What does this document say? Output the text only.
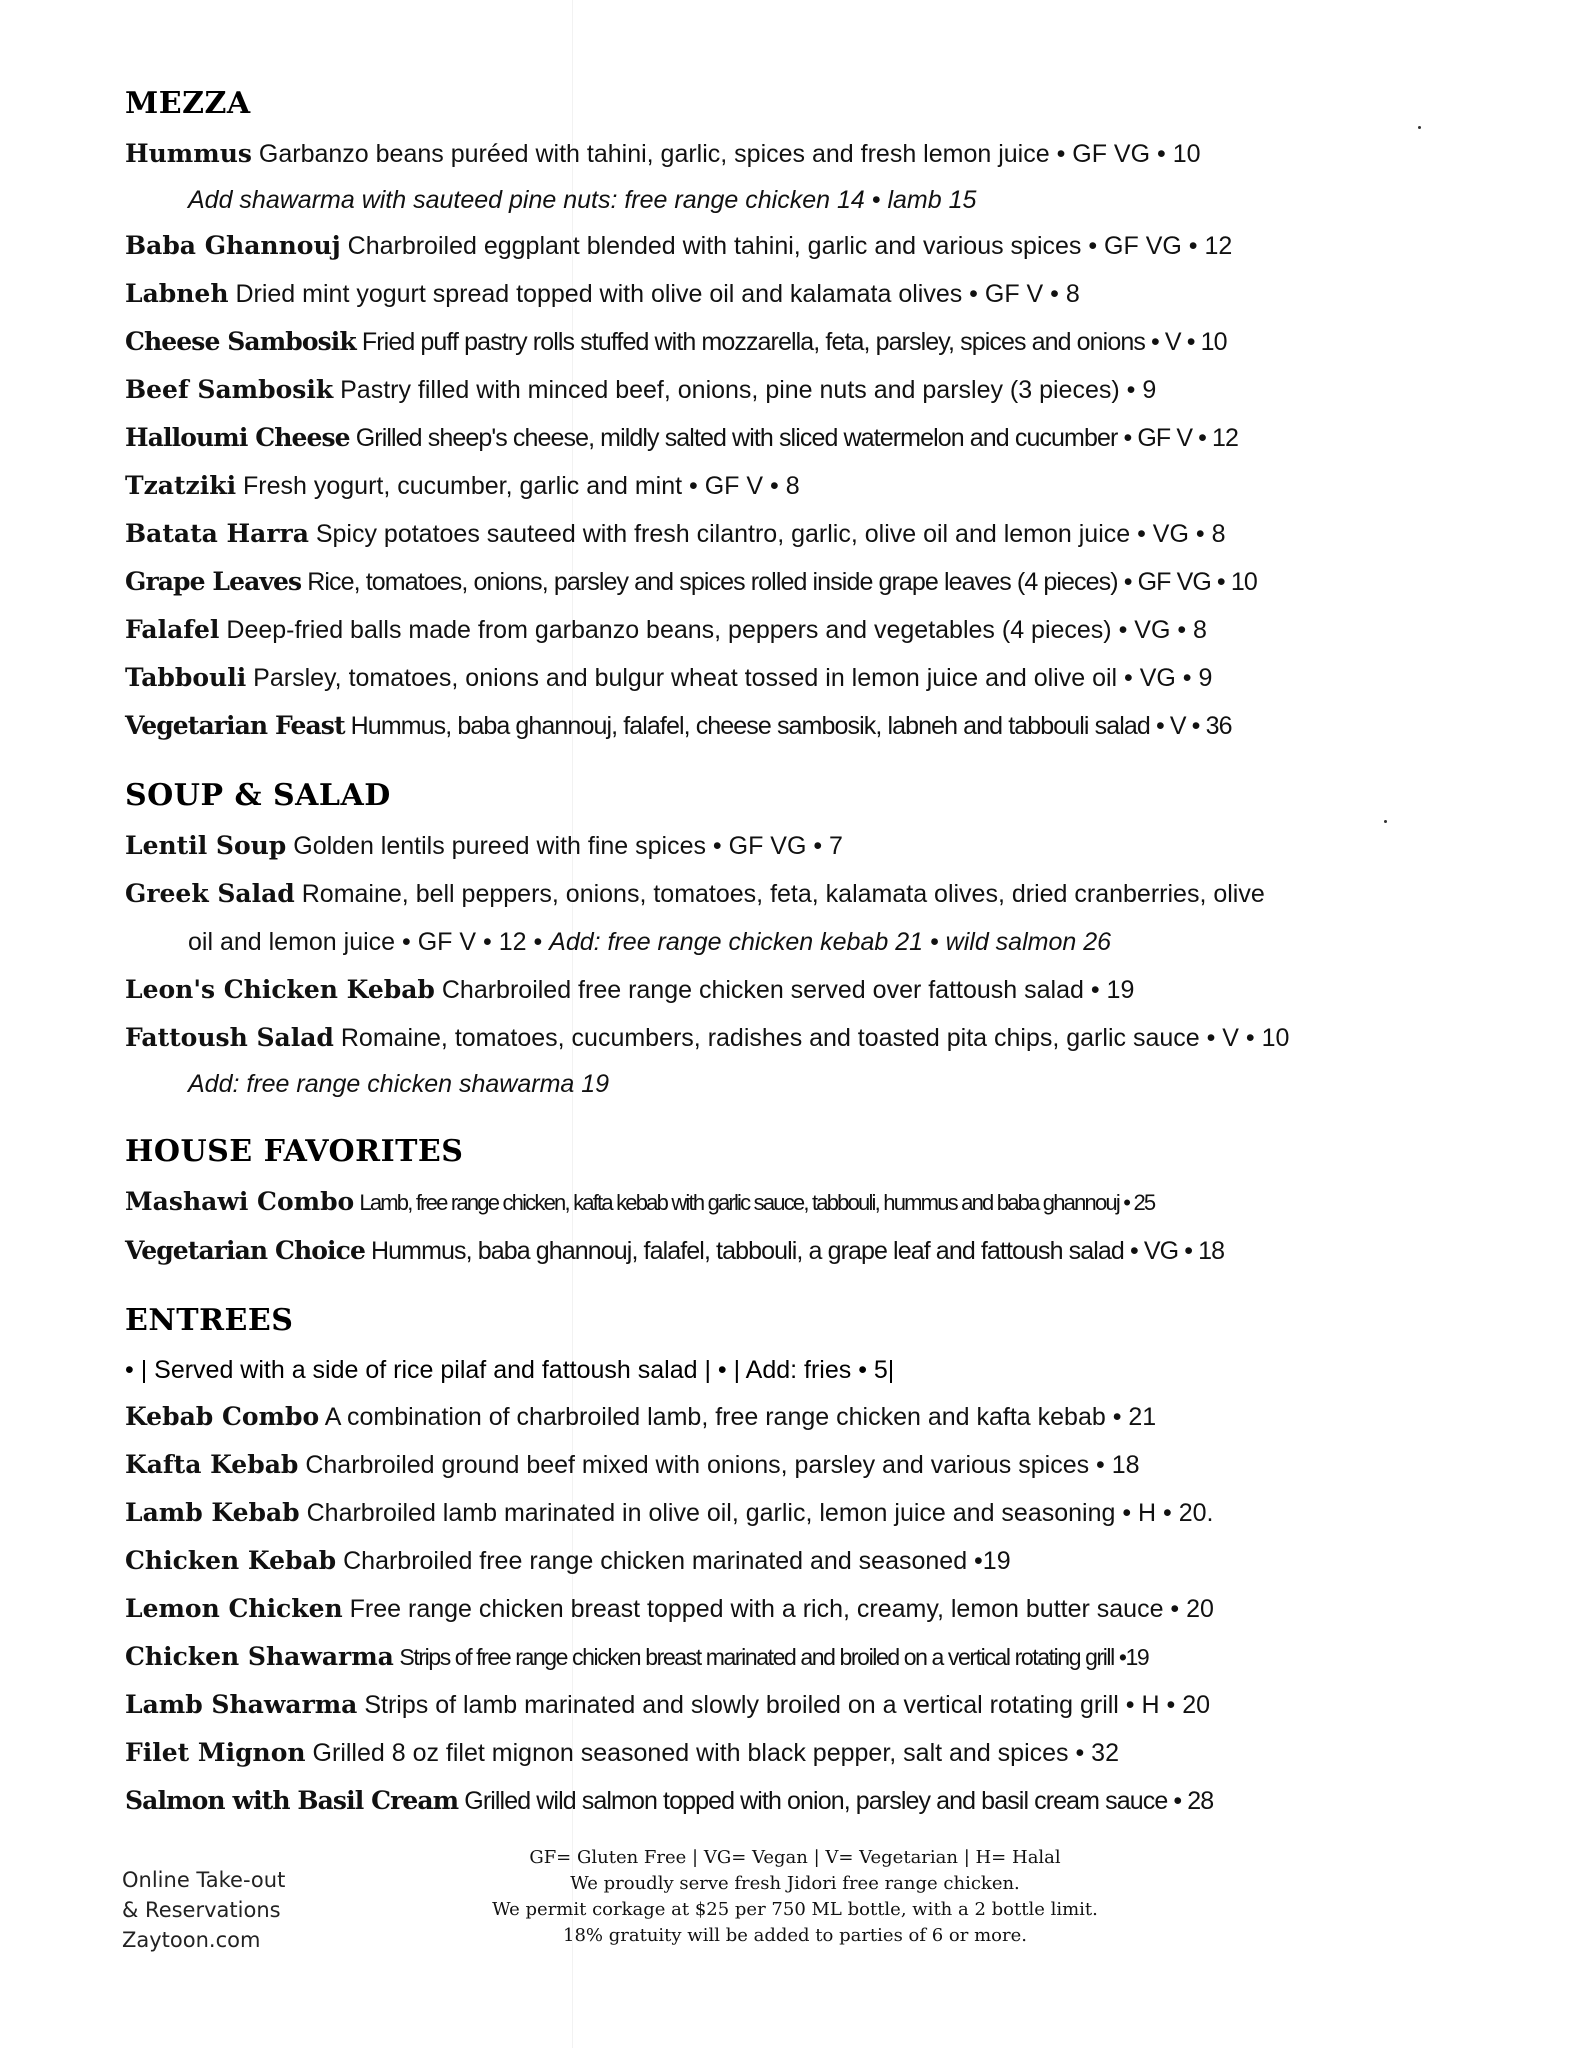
MEZZA
Hummus Garbanzo beans puréed with tahini, garlic, spices and fresh lemon juice • GF VG • 10
Add shawarma with sauteed pine nuts: free range chicken 14 • lamb 15
Baba Ghannouj Charbroiled eggplant blended with tahini, garlic and various spices • GF VG • 12
Labneh Dried mint yogurt spread topped with olive oil and kalamata olives • GF V • 8
Cheese Sambosik Fried puff pastry rolls stuffed with mozzarella, feta, parsley, spices and onions • V • 10
Beef Sambosik Pastry filled with minced beef, onions, pine nuts and parsley (3 pieces) • 9
Halloumi Cheese Grilled sheep's cheese, mildly salted with sliced watermelon and cucumber • GF V • 12
Tzatziki Fresh yogurt, cucumber, garlic and mint • GF V • 8
Batata Harra Spicy potatoes sauteed with fresh cilantro, garlic, olive oil and lemon juice • VG • 8
Grape Leaves Rice, tomatoes, onions, parsley and spices rolled inside grape leaves (4 pieces) • GF VG • 10
Falafel Deep-fried balls made from garbanzo beans, peppers and vegetables (4 pieces) • VG • 8
Tabbouli Parsley, tomatoes, onions and bulgur wheat tossed in lemon juice and olive oil • VG • 9
Vegetarian Feast Hummus, baba ghannouj, falafel, cheese sambosik, labneh and tabbouli salad • V • 36
SOUP & SALAD
Lentil Soup Golden lentils pureed with fine spices • GF VG • 7
Greek Salad Romaine, bell peppers, onions, tomatoes, feta, kalamata olives, dried cranberries, olive
oil and lemon juice • GF V • 12 • Add: free range chicken kebab 21 • wild salmon 26
Leon's Chicken Kebab Charbroiled free range chicken served over fattoush salad • 19
Fattoush Salad Romaine, tomatoes, cucumbers, radishes and toasted pita chips, garlic sauce • V • 10
Add: free range chicken shawarma 19
HOUSE FAVORITES
Mashawi Combo Lamb, free range chicken, kafta kebab with garlic sauce, tabbouli, hummus and baba ghannouj • 25
Vegetarian Choice Hummus, baba ghannouj, falafel, tabbouli, a grape leaf and fattoush salad • VG • 18
ENTREES
• | Served with a side of rice pilaf and fattoush salad | • | Add: fries • 5|
Kebab Combo A combination of charbroiled lamb, free range chicken and kafta kebab • 21
Kafta Kebab Charbroiled ground beef mixed with onions, parsley and various spices • 18
Lamb Kebab Charbroiled lamb marinated in olive oil, garlic, lemon juice and seasoning • H • 20.
Chicken Kebab Charbroiled free range chicken marinated and seasoned •19
Lemon Chicken Free range chicken breast topped with a rich, creamy, lemon butter sauce • 20
Chicken Shawarma Strips of free range chicken breast marinated and broiled on a vertical rotating grill •19
Lamb Shawarma Strips of lamb marinated and slowly broiled on a vertical rotating grill • H • 20
Filet Mignon Grilled 8 oz filet mignon seasoned with black pepper, salt and spices • 32
Salmon with Basil Cream Grilled wild salmon topped with onion, parsley and basil cream sauce • 28
Online Take-out
& Reservations
Zaytoon.com
GF= Gluten Free | VG= Vegan | V= Vegetarian | H= Halal
We proudly serve fresh Jidori free range chicken.
We permit corkage at $25 per 750 ML bottle, with a 2 bottle limit.
18% gratuity will be added to parties of 6 or more.
